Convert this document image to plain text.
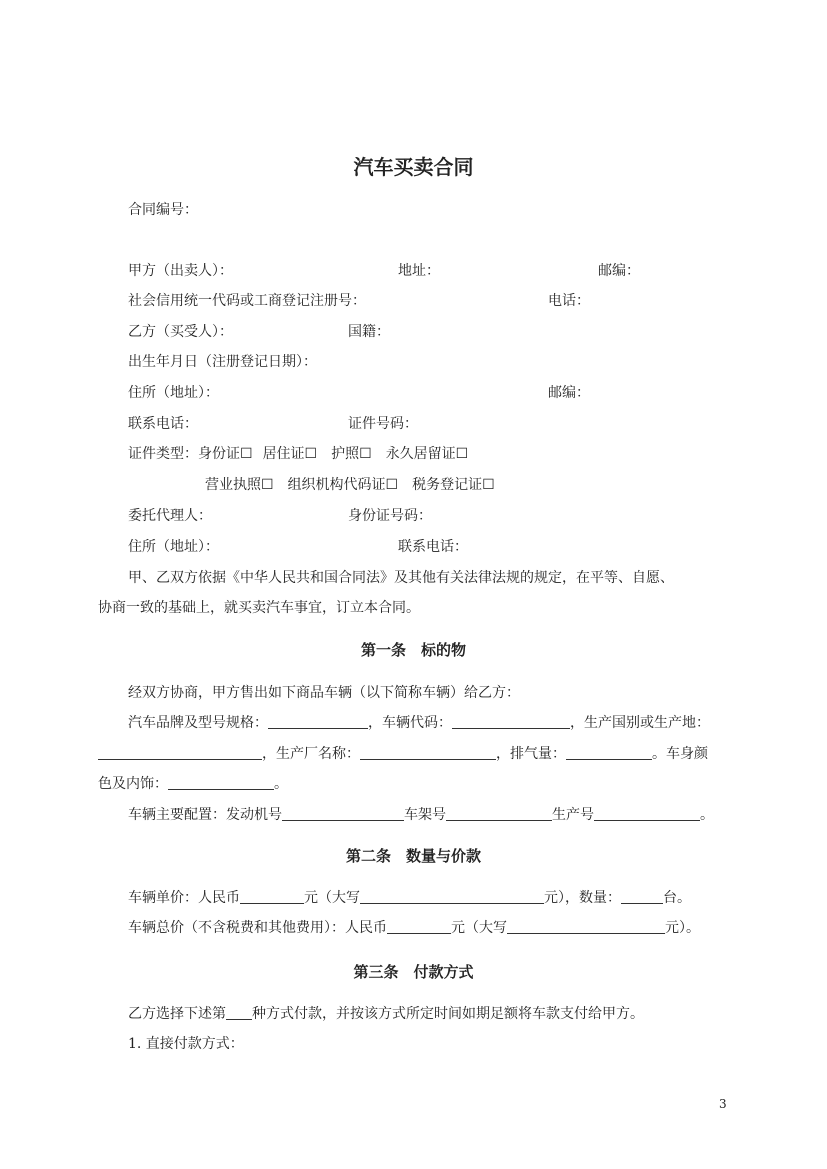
汽车买卖合同
合同编号：
甲方（出卖人）：	地址：	邮编：
社会信用统一代码或工商登记注册号：	电话：
乙方（买受人）：	国籍：
出生年月日（注册登记日期）：
住所（地址）：	邮编：
联系电话：	证件号码：
证件类型：身份证☐ 居住证☐ 护照☐ 永久居留证☐
营业执照☐ 组织机构代码证☐ 税务登记证☐
委托代理人：	身份证号码：
住所（地址）：	联系电话：
甲、乙双方依据《中华人民共和国合同法》及其他有关法律法规的规定，在平等、自愿、
协商一致的基础上，就买卖汽车事宜，订立本合同。
第一条　标的物
经双方协商，甲方售出如下商品车辆（以下简称车辆）给乙方：
汽车品牌及型号规格：	，车辆代码：	，生产国别或生产地：
，生产厂名称：	，排气量：	。车身颜
色及内饰：	。
车辆主要配置：发动机号	车架号	生产号	。
第二条　数量与价款
车辆单价：人民币	元（大写	元），数量：	台。
车辆总价（不含税费和其他费用）：人民币	元（大写	元）。
第三条　付款方式
乙方选择下述第 种方式付款，并按该方式所定时间如期足额将车款支付给甲方。
1. 直接付款方式：
3
